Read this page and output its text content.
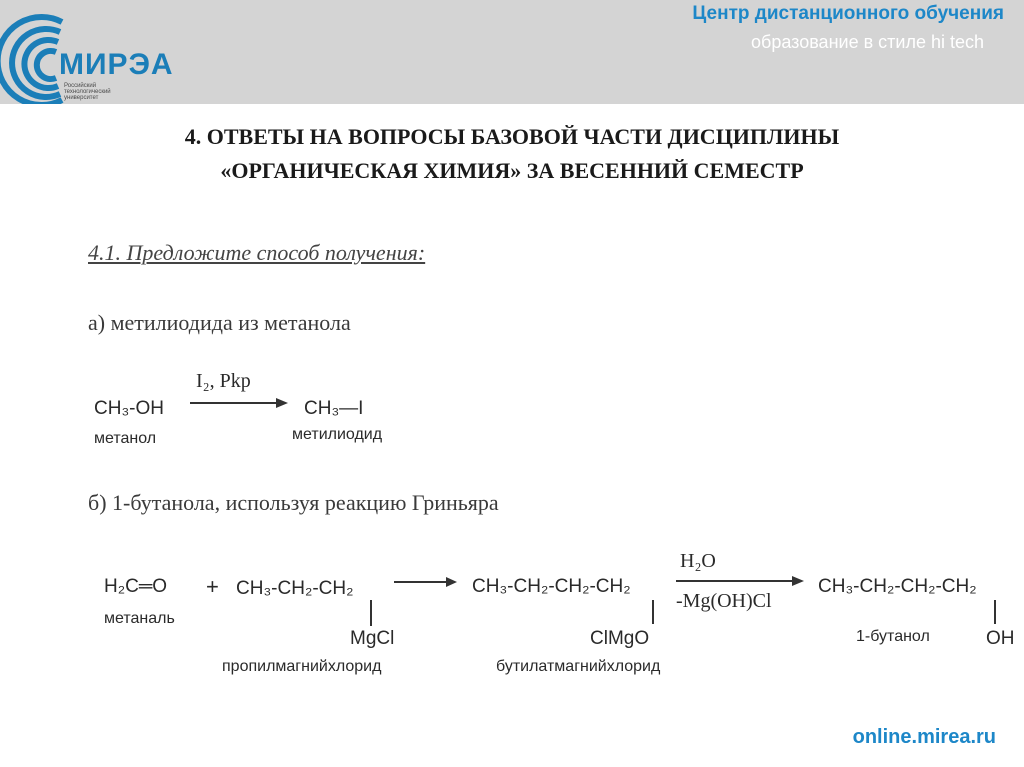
МИРЭА
Российский технологический университет
Центр дистанционного обучения
образование в стиле hi tech
4. ОТВЕТЫ НА ВОПРОСЫ БАЗОВОЙ ЧАСТИ ДИСЦИПЛИНЫ
«ОРГАНИЧЕСКАЯ ХИМИЯ» ЗА ВЕСЕННИЙ СЕМЕСТР
4.1. Предложите способ получения:
а) метилиодида из метанола
CH₃-OH
метанол
I₂, Pkp
CH₃—I
метилиодид
б) 1-бутанола, используя реакцию Гриньяра
H₂C═O +
метаналь
CH₃-CH₂-CH₂
MgCl
пропилмагнийхлорид
CH₃-CH₂-CH₂-CH₂
ClMgO
бутилатмагнийхлорид
H₂O
-Mg(OH)Cl
CH₃-CH₂-CH₂-CH₂
OH
1-бутанол
online.mirea.ru
